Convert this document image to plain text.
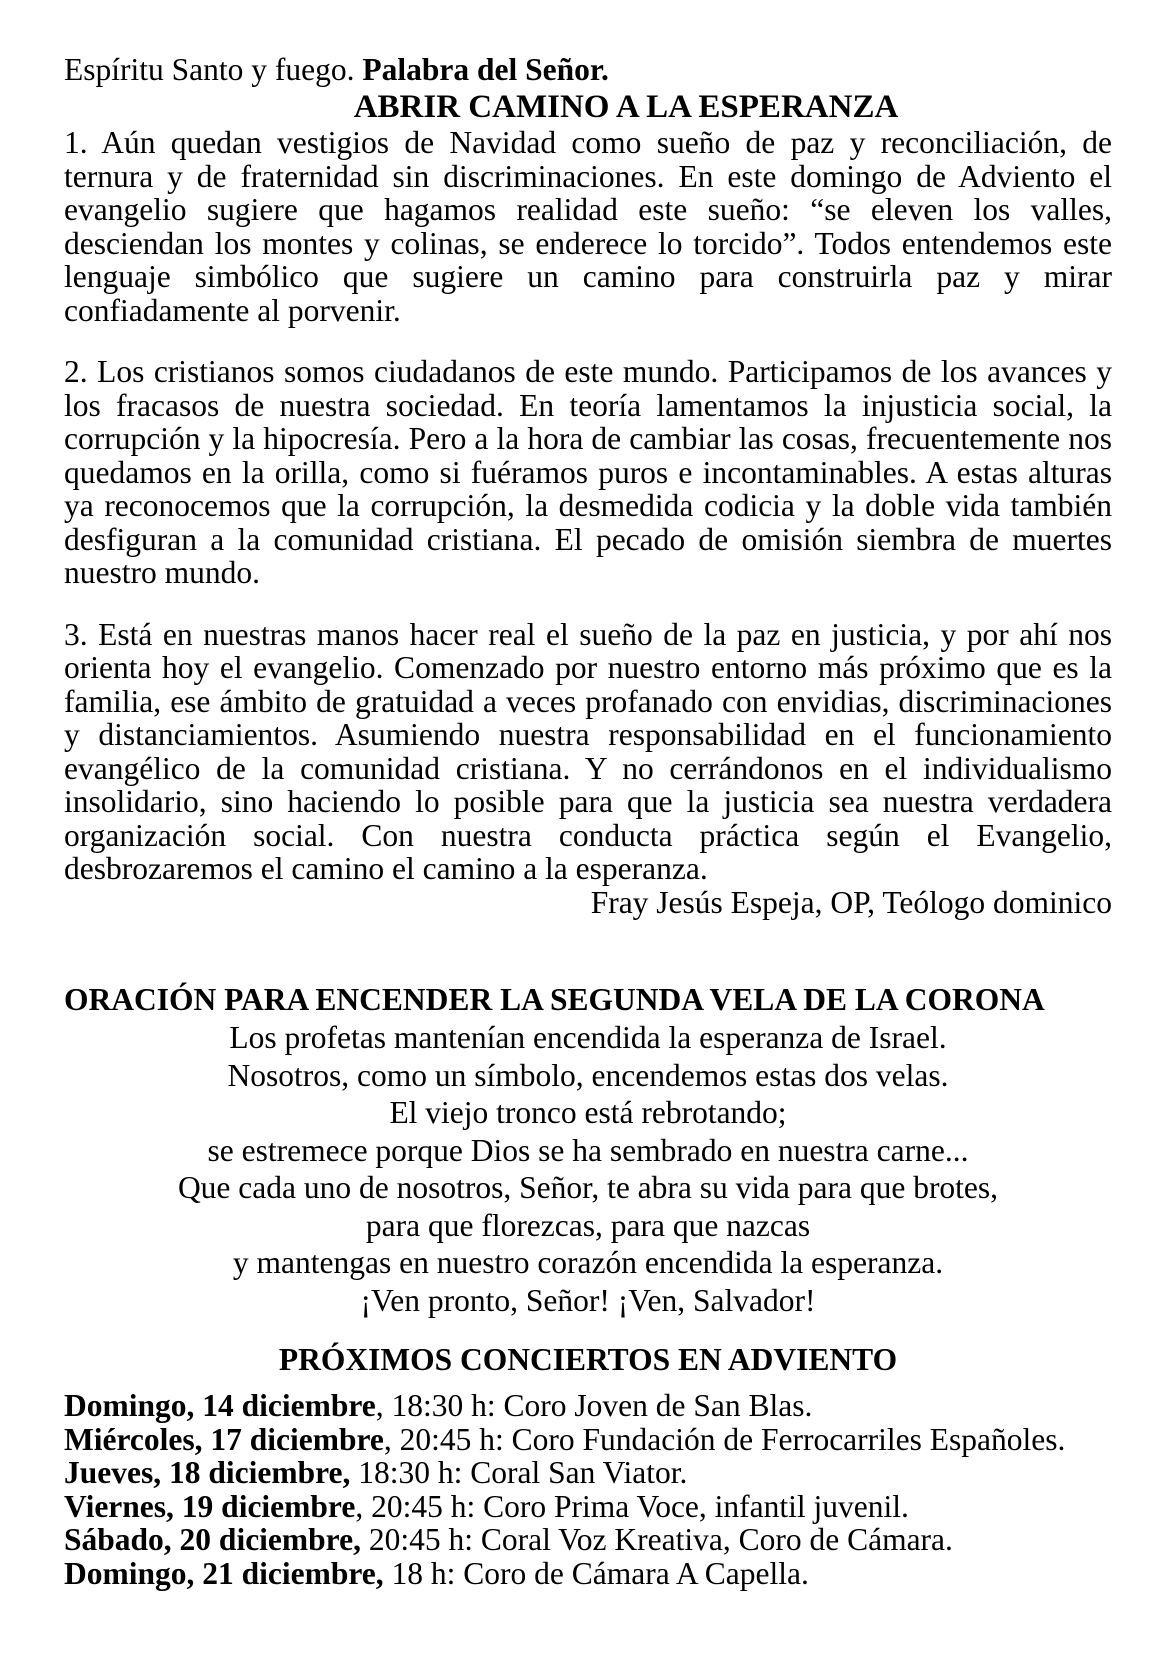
Espíritu Santo y fuego. Palabra del Señor.

ABRIR CAMINO A LA ESPERANZA

1. Aún quedan vestigios de Navidad como sueño de paz y reconciliación, de ternura y de fraternidad sin discriminaciones. En este domingo de Adviento el evangelio sugiere que hagamos realidad este sueño: “se eleven los valles, desciendan los montes y colinas, se enderece lo torcido”. Todos entendemos este lenguaje simbólico que sugiere un camino para construirla paz y mirar confiadamente al porvenir.

2. Los cristianos somos ciudadanos de este mundo. Participamos de los avances y los fracasos de nuestra sociedad. En teoría lamentamos la injusticia social, la corrupción y la hipocresía. Pero a la hora de cambiar las cosas, frecuentemente nos quedamos en la orilla, como si fuéramos puros e incontaminables. A estas alturas ya reconocemos que la corrupción, la desmedida codicia y la doble vida también desfiguran a la comunidad cristiana. El pecado de omisión siembra de muertes nuestro mundo.

3. Está en nuestras manos hacer real el sueño de la paz en justicia, y por ahí nos orienta hoy el evangelio. Comenzado por nuestro entorno más próximo que es la familia, ese ámbito de gratuidad a veces profanado con envidias, discriminaciones y distanciamientos. Asumiendo nuestra responsabilidad en el funcionamiento evangélico de la comunidad cristiana. Y no cerrándonos en el individualismo insolidario, sino haciendo lo posible para que la justicia sea nuestra verdadera organización social. Con nuestra conducta práctica según el Evangelio, desbrozaremos el camino el camino a la esperanza.

Fray Jesús Espeja, OP, Teólogo dominico

ORACIÓN PARA ENCENDER LA SEGUNDA VELA DE LA CORONA

Los profetas mantenían encendida la esperanza de Israel.

Nosotros, como un símbolo, encendemos estas dos velas.

El viejo tronco está rebrotando;

se estremece porque Dios se ha sembrado en nuestra carne...

Que cada uno de nosotros, Señor, te abra su vida para que brotes,

para que florezcas, para que nazcas

y mantengas en nuestro corazón encendida la esperanza.

¡Ven pronto, Señor! ¡Ven, Salvador!

PRÓXIMOS CONCIERTOS EN ADVIENTO

Domingo, 14 diciembre, 18:30 h: Coro Joven de San Blas.

Miércoles, 17 diciembre, 20:45 h: Coro Fundación de Ferrocarriles Españoles.

Jueves, 18 diciembre, 18:30 h: Coral San Viator.

Viernes, 19 diciembre, 20:45 h: Coro Prima Voce, infantil juvenil.

Sábado, 20 diciembre, 20:45 h: Coral Voz Kreativa, Coro de Cámara.

Domingo, 21 diciembre, 18 h: Coro de Cámara A Capella.
